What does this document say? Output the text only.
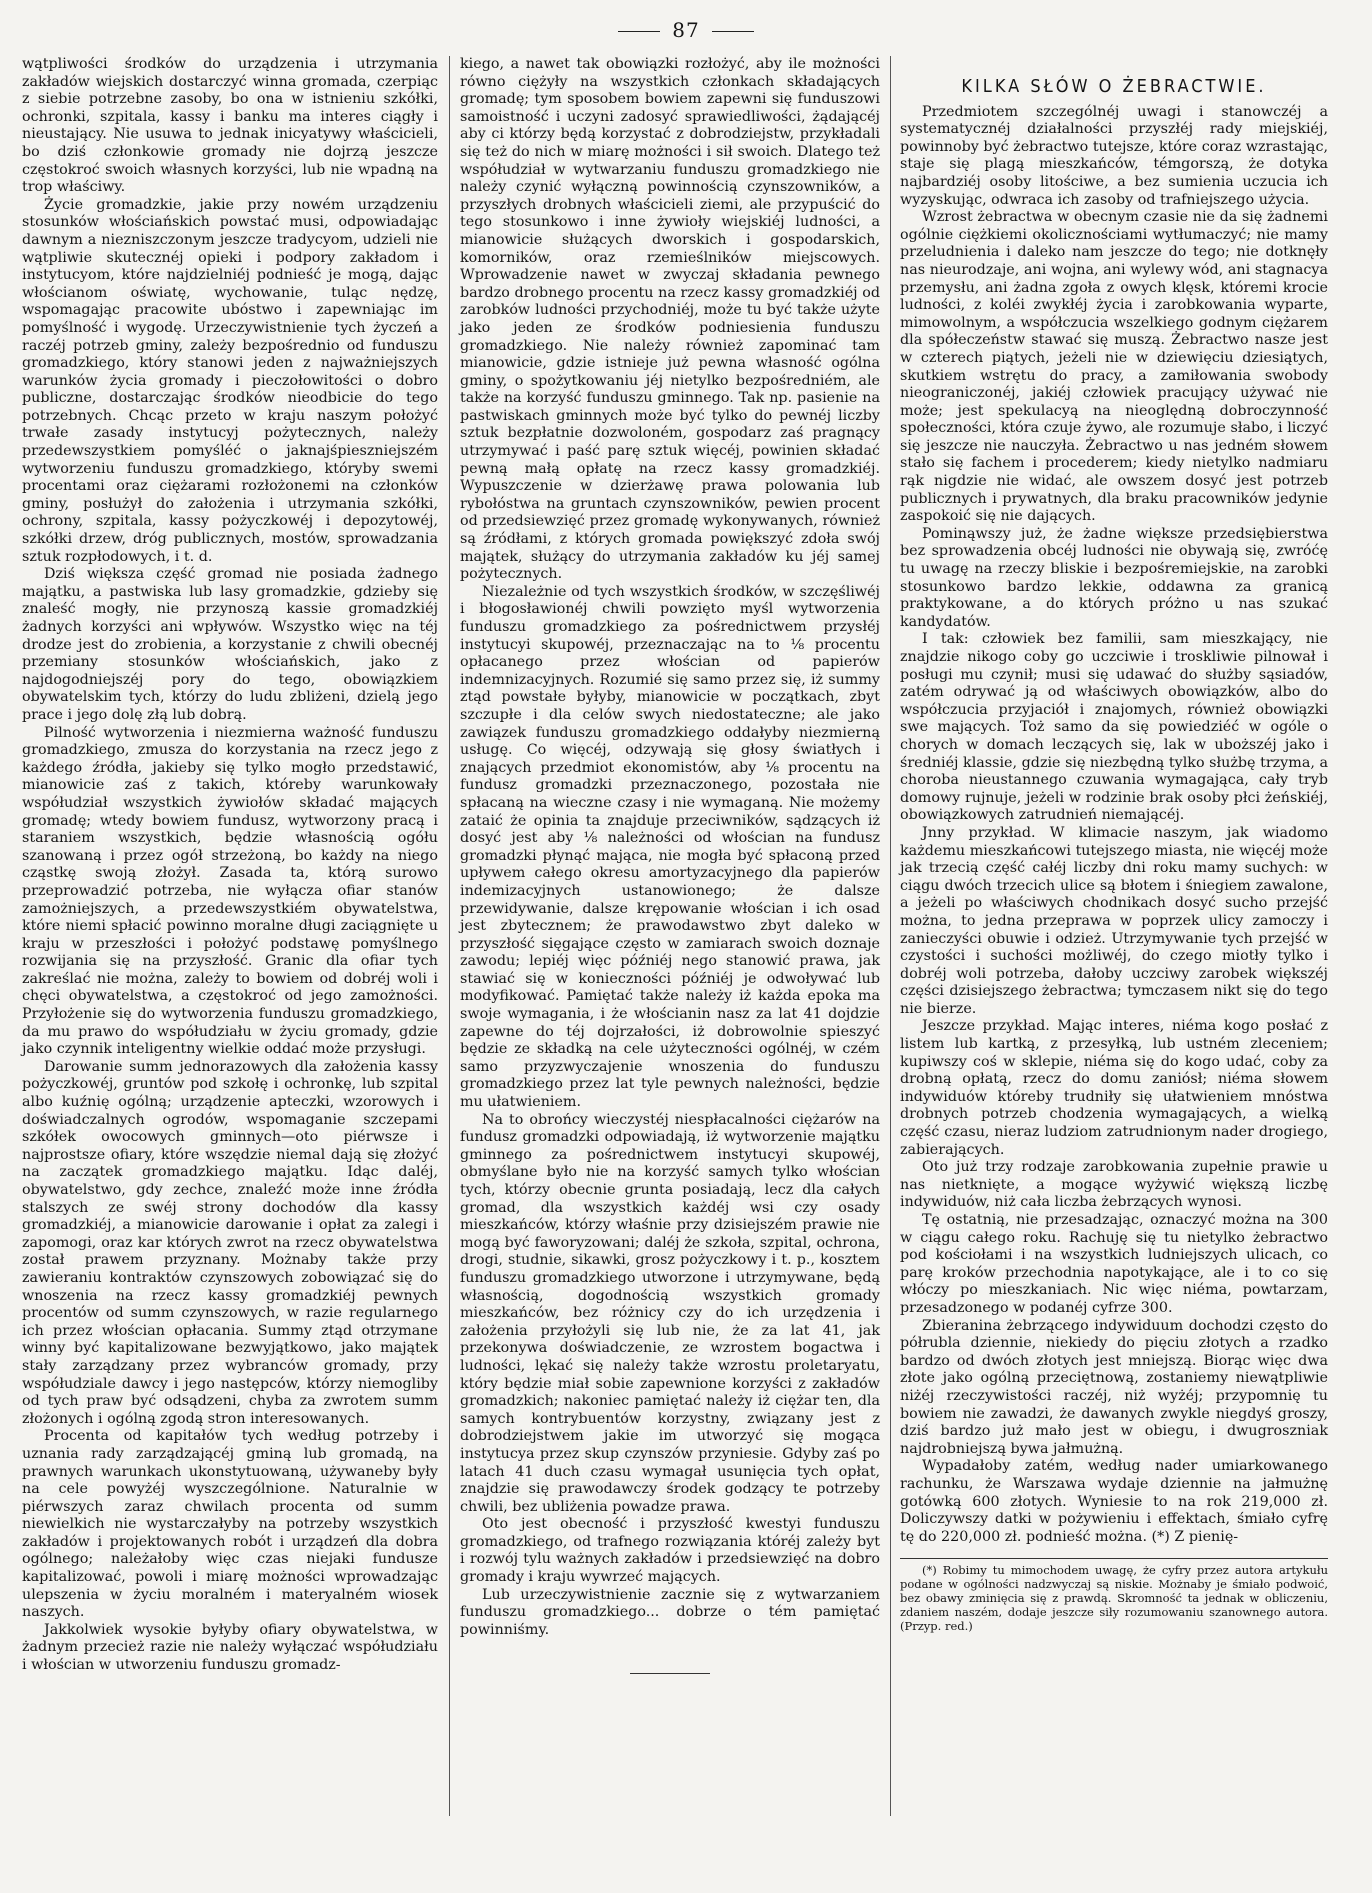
87

wątpliwości środków do urządzenia i utrzymania zakładów wiejskich dostarczyć winna gromada, czerpiąc z siebie potrzebne zasoby, bo ona w istnieniu szkółki, ochronki, szpitala, kassy i banku ma interes ciągły i nieustający. Nie usuwa to jednak inicyatywy właścicieli, bo dziś członkowie gromady nie dojrzą jeszcze częstokroć swoich własnych korzyści, lub nie wpadną na trop właściwy.

Życie gromadzkie, jakie przy nowém urządzeniu stosunków włościańskich powstać musi, odpowiadając dawnym a niezniszczonym jeszcze tradycyom, udzieli nie wątpliwie skutecznéj opieki i podpory zakładom i instytucyom, które najdzielniéj podnieść je mogą, dając włościanom oświatę, wychowanie, tuląc nędzę, wspomagając pracowite ubóstwo i zapewniając im pomyślność i wygodę. Urzeczywistnienie tych życzeń a raczéj potrzeb gminy, zależy bezpośrednio od funduszu gromadzkiego, który stanowi jeden z najważniejszych warunków życia gromady i pieczołowitości o dobro publiczne, dostarczając środków nieodbicie do tego potrzebnych. Chcąc przeto w kraju naszym położyć trwałe zasady instytucyj pożytecznych, należy przedewszystkiem pomyśléć o jaknajśpieszniejszém wytworzeniu funduszu gromadzkiego, któryby swemi procentami oraz ciężarami rozłożonemi na członków gminy, posłużył do założenia i utrzymania szkółki, ochrony, szpitala, kassy pożyczkowéj i depozytowéj, szkółki drzew, dróg publicznych, mostów, sprowadzania sztuk rozpłodowych, i t. d.

Dziś większa część gromad nie posiada żadnego majątku, a pastwiska lub lasy gromadzkie, gdzieby się znaleść mogły, nie przynoszą kassie gromadzkiéj żadnych korzyści ani wpływów. Wszystko więc na téj drodze jest do zrobienia, a korzystanie z chwili obecnéj przemiany stosunków włościańskich, jako z najdogodniejszéj pory do tego, obowiązkiem obywatelskim tych, którzy do ludu zbliżeni, dzielą jego prace i jego dolę złą lub dobrą.

Pilność wytworzenia i niezmierna ważność funduszu gromadzkiego, zmusza do korzystania na rzecz jego z każdego źródła, jakieby się tylko mogło przedstawić, mianowicie zaś z takich, któreby warunkowały współudział wszystkich żywiołów składać mających gromadę; wtedy bowiem fundusz, wytworzony pracą i staraniem wszystkich, będzie własnością ogółu szanowaną i przez ogół strzeżoną, bo każdy na niego cząstkę swoją złożył. Zasada ta, którą surowo przeprowadzić potrzeba, nie wyłącza ofiar stanów zamożniejszych, a przedewszystkiém obywatelstwa, które niemi spłacić powinno moralne długi zaciągnięte u kraju w przeszłości i położyć podstawę pomyślnego rozwijania się na przyszłość. Granic dla ofiar tych zakreślać nie można, zależy to bowiem od dobréj woli i chęci obywatelstwa, a częstokroć od jego zamożności. Przyłożenie się do wytworzenia funduszu gromadzkiego, da mu prawo do współudziału w życiu gromady, gdzie jako czynnik inteligentny wielkie oddać może przysługi.

Darowanie summ jednorazowych dla założenia kassy pożyczkowéj, gruntów pod szkołę i ochronkę, lub szpital albo kuźnię ogólną; urządzenie apteczki, wzorowych i doświadczalnych ogrodów, wspomaganie szczepami szkółek owocowych gminnych—oto piérwsze i najprostsze ofiary, które wszędzie niemal dają się złożyć na zaczątek gromadzkiego majątku. Idąc daléj, obywatelstwo, gdy zechce, znaleźć może inne źródła stalszych ze swéj strony dochodów dla kassy gromadzkiéj, a mianowicie darowanie i opłat za zalegi i zapomogi, oraz kar których zwrot na rzecz obywatelstwa został prawem przyznany. Możnaby także przy zawieraniu kontraktów czynszowych zobowiązać się do wnoszenia na rzecz kassy gromadzkiéj pewnych procentów od summ czynszowych, w razie regularnego ich przez włościan opłacania. Summy ztąd otrzymane winny być kapitalizowane bezwyjątkowo, jako majątek stały zarządzany przez wybranców gromady, przy współudziale dawcy i jego następców, którzy niemogliby od tych praw być odsądzeni, chyba za zwrotem summ złożonych i ogólną zgodą stron interesowanych.

Procenta od kapitałów tych według potrzeby i uznania rady zarządzającéj gminą lub gromadą, na prawnych warunkach ukonstytuowaną, używaneby były na cele powyżéj wyszczególnione. Naturalnie w piérwszych zaraz chwilach procenta od summ niewielkich nie wystarczałyby na potrzeby wszystkich zakładów i projektowanych robót i urządzeń dla dobra ogólnego; należałoby więc czas niejaki fundusze kapitalizować, powoli i miarę możności wprowadzając ulepszenia w życiu moralném i materyalném wiosek naszych.

Jakkolwiek wysokie byłyby ofiary obywatelstwa, w żadnym przecież razie nie należy wyłączać współudziału i włościan w utworzeniu funduszu gromadz-

kiego, a nawet tak obowiązki rozłożyć, aby ile możności równo ciężyły na wszystkich członkach składających gromadę; tym sposobem bowiem zapewni się funduszowi samoistność i uczyni zadosyć sprawiedliwości, żądającéj aby ci którzy będą korzystać z dobrodziejstw, przykładali się też do nich w miarę możności i sił swoich. Dlatego też współudział w wytwarzaniu funduszu gromadzkiego nie należy czynić wyłączną powinnością czynszowników, a przyszłych drobnych właścicieli ziemi, ale przypuścić do tego stosunkowo i inne żywioły wiejskiéj ludności, a mianowicie służących dworskich i gospodarskich, komorników, oraz rzemieślników miejscowych. Wprowadzenie nawet w zwyczaj składania pewnego bardzo drobnego procentu na rzecz kassy gromadzkiéj od zarobków ludności przychodniéj, może tu być także użyte jako jeden ze środków podniesienia funduszu gromadzkiego. Nie należy również zapominać tam mianowicie, gdzie istnieje już pewna własność ogólna gminy, o spożytkowaniu jéj nietylko bezpośredniém, ale także na korzyść funduszu gminnego. Tak np. pasienie na pastwiskach gminnych może być tylko do pewnéj liczby sztuk bezpłatnie dozwoloném, gospodarz zaś pragnący utrzymywać i paść parę sztuk więcéj, powinien składać pewną małą opłatę na rzecz kassy gromadzkiéj. Wypuszczenie w dzierżawę prawa polowania lub rybołóstwa na gruntach czynszowników, pewien procent od przedsiewzięć przez gromadę wykonywanych, również są źródłami, z których gromada powiększyć zdoła swój majątek, służący do utrzymania zakładów ku jéj samej pożytecznych.

Niezależnie od tych wszystkich środków, w szczęśliwéj i błogosławionéj chwili powzięto myśl wytworzenia funduszu gromadzkiego za pośrednictwem przysłéj instytucyi skupowéj, przeznaczając na to ⅛ procentu opłacanego przez włościan od papierów indemnizacyjnych. Rozumié się samo przez się, iż summy ztąd powstałe byłyby, mianowicie w początkach, zbyt szczupłe i dla celów swych niedostateczne; ale jako zawiązek funduszu gromadzkiego oddałyby niezmierną usługę. Co więcéj, odzywają się głosy światłych i znających przedmiot ekonomistów, aby ⅛ procentu na fundusz gromadzki przeznaczonego, pozostała nie spłacaną na wieczne czasy i nie wymaganą. Nie możemy zataić że opinia ta znajduje przeciwników, sądzących iż dosyć jest aby ⅛ należności od włościan na fundusz gromadzki płynąć mająca, nie mogła być spłaconą przed upływem całego okresu amortyzacyjnego dla papierów indemizacyjnych ustanowionego; że dalsze przewidywanie, dalsze krępowanie włościan i ich osad jest zbytecznem; że prawodawstwo zbyt daleko w przyszłość sięgające często w zamiarach swoich doznaje zawodu; lepiéj więc późniéj nego stanowić prawa, jak stawiać się w konieczności późniéj je odwoływać lub modyfikować. Pamiętać także należy iż każda epoka ma swoje wymagania, i że włościanin nasz za lat 41 dojdzie zapewne do téj dojrzałości, iż dobrowolnie spieszyć będzie ze składką na cele użyteczności ogólnéj, w czém samo przyzwyczajenie wnoszenia do funduszu gromadzkiego przez lat tyle pewnych należności, będzie mu ułatwieniem.

Na to obrońcy wieczystéj niespłacalności ciężarów na fundusz gromadzki odpowiadają, iż wytworzenie majątku gminnego za pośrednictwem instytucyi skupowéj, obmyślane było nie na korzyść samych tylko włościan tych, którzy obecnie grunta posiadają, lecz dla całych gromad, dla wszystkich każdéj wsi czy osady mieszkańców, którzy właśnie przy dzisiejszém prawie nie mogą być faworyzowani; daléj że szkoła, szpital, ochrona, drogi, studnie, sikawki, grosz pożyczkowy i t. p., kosztem funduszu gromadzkiego utworzone i utrzymywane, będą własnością, dogodnością wszystkich gromady mieszkańców, bez różnicy czy do ich urzędzenia i założenia przyłożyli się lub nie, że za lat 41, jak przekonywa doświadczenie, ze wzrostem bogactwa i ludności, lękać się należy także wzrostu proletaryatu, który będzie miał sobie zapewnione korzyści z zakładów gromadzkich; nakoniec pamiętać należy iż ciężar ten, dla samych kontrybuentów korzystny, związany jest z dobrodziejstwem jakie im utworzyć się mogąca instytucya przez skup czynszów przyniesie. Gdyby zaś po latach 41 duch czasu wymagał usunięcia tych opłat, znajdzie się prawodawczy środek godzący te potrzeby chwili, bez ubliżenia powadze prawa.

Oto jest obecność i przyszłość kwestyi funduszu gromadzkiego, od trafnego rozwiązania któréj zależy byt i rozwój tylu ważnych zakładów i przedsiewzięć na dobro gromady i kraju wywrzeć mających.

Lub urzeczywistnienie zacznie się z wytwarzaniem funduszu gromadzkiego... dobrze o tém pamiętać powinniśmy.

KILKA SŁÓW O ŻEBRACTWIE.

Przedmiotem szczególnéj uwagi i stanowczéj a systematycznéj działalności przyszłéj rady miejskiéj, powinnoby być żebractwo tutejsze, które coraz wzrastając, staje się plagą mieszkańców, témgorszą, że dotyka najbardziéj osoby litościwe, a bez sumienia uczucia ich wyzyskując, odwraca ich zasoby od trafniejszego użycia.

Wzrost żebractwa w obecnym czasie nie da się żadnemi ogólnie ciężkiemi okolicznościami wytłumaczyć; nie mamy przeludnienia i daleko nam jeszcze do tego; nie dotknęły nas nieurodzaje, ani wojna, ani wylewy wód, ani stagnacya przemysłu, ani żadna zgoła z owych klęsk, któremi krocie ludności, z koléi zwykłéj życia i zarobkowania wyparte, mimowolnym, a współczucia wszelkiego godnym ciężarem dla spółeczeństw stawać się muszą. Żebractwo nasze jest w czterech piątych, jeżeli nie w dziewięciu dziesiątych, skutkiem wstrętu do pracy, a zamiłowania swobody nieograniczonéj, jakiéj człowiek pracujący używać nie może; jest spekulacyą na nieoględną dobroczynność społeczności, która czuje żywo, ale rozumuje słabo, i liczyć się jeszcze nie nauczyła. Żebractwo u nas jedném słowem stało się fachem i procederem; kiedy nietylko nadmiaru rąk nigdzie nie widać, ale owszem dosyć jest potrzeb publicznych i prywatnych, dla braku pracowników jedynie zaspokoić się nie dających.

Pominąwszy już, że żadne większe przedsiębierstwa bez sprowadzenia obcéj ludności nie obywają się, zwróćę tu uwagę na rzeczy bliskie i bezpośremiejskie, na zarobki stosunkowo bardzo lekkie, oddawna za granicą praktykowane, a do których próżno u nas szukać kandydatów.

I tak: człowiek bez familii, sam mieszkający, nie znajdzie nikogo coby go uczciwie i troskliwie pilnował i posługi mu czynił; musi się udawać do służby sąsiadów, zatém odrywać ją od właściwych obowiązków, albo do współczucia przyjaciół i znajomych, również obowiązki swe mających. Toż samo da się powiedziéć w ogóle o chorych w domach leczących się, lak w uboższéj jako i średniéj klassie, gdzie się niezbędną tylko służbę trzyma, a choroba nieustannego czuwania wymagająca, cały tryb domowy rujnuje, jeżeli w rodzinie brak osoby płci żeńskiéj, obowiązkowych zatrudnień niemającéj.

Jnny przykład. W klimacie naszym, jak wiadomo każdemu mieszkańcowi tutejszego miasta, nie więcéj może jak trzecią część całéj liczby dni roku mamy suchych: w ciągu dwóch trzecich ulice są błotem i śniegiem zawalone, a jeżeli po właściwych chodnikach dosyć sucho przejść można, to jedna przeprawa w poprzek ulicy zamoczy i zanieczyści obuwie i odzież. Utrzymywanie tych przejść w czystości i suchości możliwéj, do czego miotły tylko i dobréj woli potrzeba, dałoby uczciwy zarobek większéj części dzisiejszego żebractwa; tymczasem nikt się do tego nie bierze.

Jeszcze przykład. Mając interes, niéma kogo posłać z listem lub kartką, z przesyłką, lub ustném zleceniem; kupiwszy coś w sklepie, niéma się do kogo udać, coby za drobną opłatą, rzecz do domu zaniósł; niéma słowem indywiduów któreby trudniły się ułatwieniem mnóstwa drobnych potrzeb chodzenia wymagających, a wielką część czasu, nieraz ludziom zatrudnionym nader drogiego, zabierających.

Oto już trzy rodzaje zarobkowania zupełnie prawie u nas nietknięte, a mogące wyżywić większą liczbę indywiduów, niż cała liczba żebrzących wynosi.

Tę ostatnią, nie przesadzając, oznaczyć można na 300 w ciągu całego roku. Rachuję się tu nietylko żebractwo pod kościołami i na wszystkich ludniejszych ulicach, co parę kroków przechodnia napotykające, ale i to co się włóczy po mieszkaniach. Nic więc niéma, powtarzam, przesadzonego w podanéj cyfrze 300.

Zbieranina żebrzącego indywiduum dochodzi często do półrubla dziennie, niekiedy do pięciu złotych a rzadko bardzo od dwóch złotych jest mniejszą. Biorąc więc dwa złote jako ogólną przeciętnową, zostaniemy niewątpliwie niżéj rzeczywistości raczéj, niż wyżéj; przypomnię tu bowiem nie zawadzi, że dawanych zwykle niegdyś groszy, dziś bardzo już mało jest w obiegu, i dwugroszniak najdrobniejszą bywa jałmużną.

Wypadałoby zatém, według nader umiarkowanego rachunku, że Warszawa wydaje dziennie na jałmużnę gotówką 600 złotych. Wyniesie to na rok 219,000 zł. Doliczywszy datki w pożywieniu i effektach, śmiało cyfrę tę do 220,000 zł. podnieść można. (*) Z pienię-

(*) Robimy tu mimochodem uwagę, że cyfry przez autora artykułu podane w ogólności nadzwyczaj są niskie. Możnaby je śmiało podwoić, bez obawy zminięcia się z prawdą. Skromność ta jednak w obliczeniu, zdaniem naszém, dodaje jeszcze siły rozumowaniu szanownego autora. (Przyp. red.)
